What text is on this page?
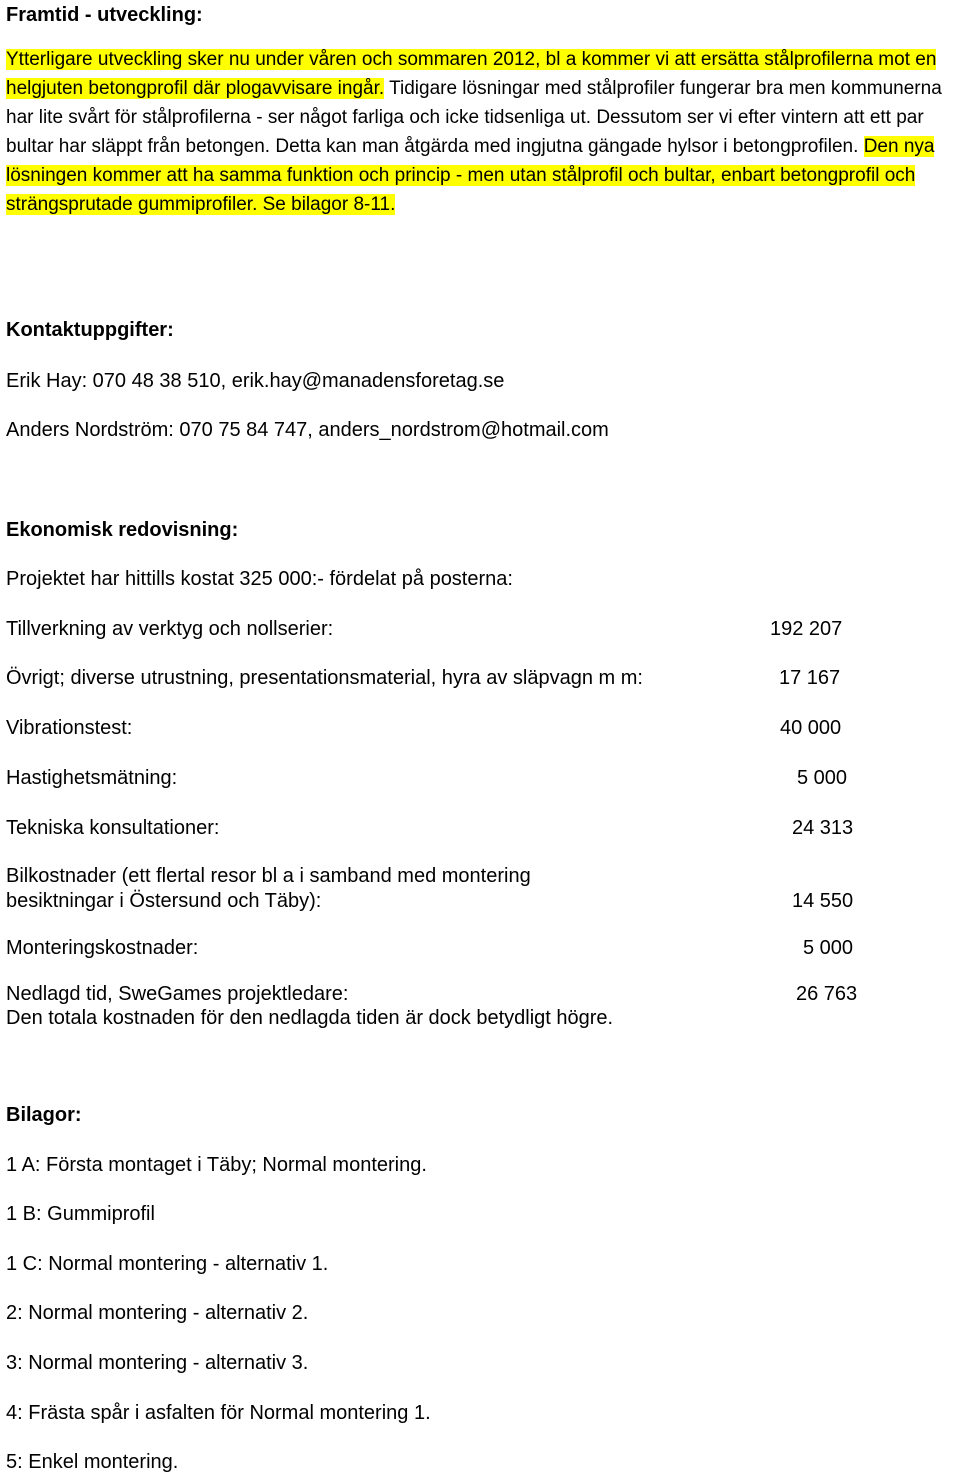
Framtid - utveckling:
Ytterligare utveckling sker nu under våren och sommaren 2012, bl a kommer vi att ersätta stålprofilerna mot en helgjuten betongprofil där plogavvisare ingår. Tidigare lösningar med stålprofiler fungerar bra men kommunerna har lite svårt för stålprofilerna - ser något farliga och icke tidsenliga ut. Dessutom ser vi efter vintern att ett par bultar har släppt från betongen. Detta kan man åtgärda med ingjutna gängade hylsor i betongprofilen. Den nya lösningen kommer att ha samma funktion och princip - men utan stålprofil och bultar, enbart betongprofil och strängsprutade gummiprofiler. Se bilagor 8-11.
Kontaktuppgifter:
Erik Hay: 070 48 38 510, erik.hay@manadensforetag.se
Anders Nordström: 070 75 84 747, anders_nordstrom@hotmail.com
Ekonomisk redovisning:
Projektet har hittills kostat 325 000:- fördelat på posterna:
Tillverkning av verktyg och nollserier:	192 207
Övrigt; diverse utrustning, presentationsmaterial, hyra av släpvagn m m:	17 167
Vibrationstest:	40 000
Hastighetsmätning:	5 000
Tekniska konsultationer:	24 313
Bilkostnader (ett flertal resor bl a i samband med montering
besiktningar i Östersund och Täby):	14 550
Monteringskostnader:	5 000
Nedlagd tid, SweGames projektledare:	26 763
Den totala kostnaden för den nedlagda tiden är dock betydligt högre.
Bilagor:
1 A: Första montaget i Täby; Normal montering.
1 B: Gummiprofil
1 C: Normal montering - alternativ 1.
2: Normal montering - alternativ 2.
3: Normal montering - alternativ 3.
4: Frästa spår i asfalten för Normal montering 1.
5: Enkel montering.
